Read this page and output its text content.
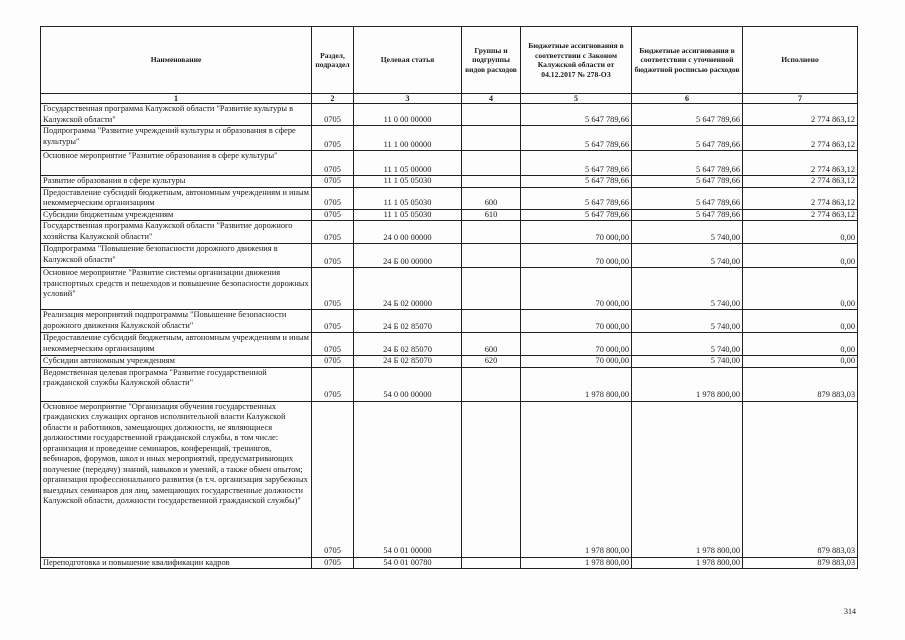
Наименование	Раздел, подраздел	Целевая статья	Группы и подгруппы видов расходов	Бюджетные ассигнования в соответствии с Законом Калужской области от 04.12.2017 № 278-ОЗ	Бюджетные ассигнования в соответствии с уточненной бюджетной росписью расходов	Исполнено
1	2	3	4	5	6	7
Государственная программа Калужской области "Развитие культуры в Калужской области"	0705	11 0 00 00000		5 647 789,66	5 647 789,66	2 774 863,12
Подпрограмма "Развитие учреждений культуры и образования в сфере культуры"	0705	11 1 00 00000		5 647 789,66	5 647 789,66	2 774 863,12
Основное мероприятие "Развитие образования в сфере культуры"	0705	11 1 05 00000		5 647 789,66	5 647 789,66	2 774 863,12
Развитие образования в сфере культуры	0705	11 1 05 05030		5 647 789,66	5 647 789,66	2 774 863,12
Предоставление субсидий бюджетным, автономным учреждениям и иным некоммерческим организациям	0705	11 1 05 05030	600	5 647 789,66	5 647 789,66	2 774 863,12
Субсидии бюджетным учреждениям	0705	11 1 05 05030	610	5 647 789,66	5 647 789,66	2 774 863,12
Государственная программа Калужской области "Развитие дорожного хозяйства Калужской области"	0705	24 0 00 00000		70 000,00	5 740,00	0,00
Подпрограмма "Повышение безопасности дорожного движения в Калужской области"	0705	24 Б 00 00000		70 000,00	5 740,00	0,00
Основное мероприятие "Развитие системы организации движения транспортных средств и пешеходов и повышение безопасности дорожных условий"	0705	24 Б 02 00000		70 000,00	5 740,00	0,00
Реализация мероприятий подпрограммы "Повышение безопасности дорожного движения Калужской области"	0705	24 Б 02 85070		70 000,00	5 740,00	0,00
Предоставление субсидий бюджетным, автономным учреждениям и иным некоммерческим организациям	0705	24 Б 02 85070	600	70 000,00	5 740,00	0,00
Субсидии автономным учреждениям	0705	24 Б 02 85070	620	70 000,00	5 740,00	0,00
Ведомственная целевая программа "Развитие государственной гражданской службы Калужской области"	0705	54 0 00 00000		1 978 800,00	1 978 800,00	879 883,03
Основное мероприятие "Организация обучения государственных гражданских служащих органов исполнительной власти Калужской области и работников, замещающих должности, не являющиеся должностями государственной гражданской службы, в том числе: организация и проведение семинаров, конференций, тренингов, вебинаров, форумов, школ и иных мероприятий, предусматривающих получение (передачу) знаний, навыков и умений, а также обмен опытом; организация профессионального развития (в т.ч. организация зарубежных выездных семинаров для лиц, замещающих государственные должности Калужской области, должности государственной гражданской службы)"	0705	54 0 01 00000		1 978 800,00	1 978 800,00	879 883,03
Переподготовка и повышение квалификации кадров	0705	54 0 01 00780		1 978 800,00	1 978 800,00	879 883,03
314
